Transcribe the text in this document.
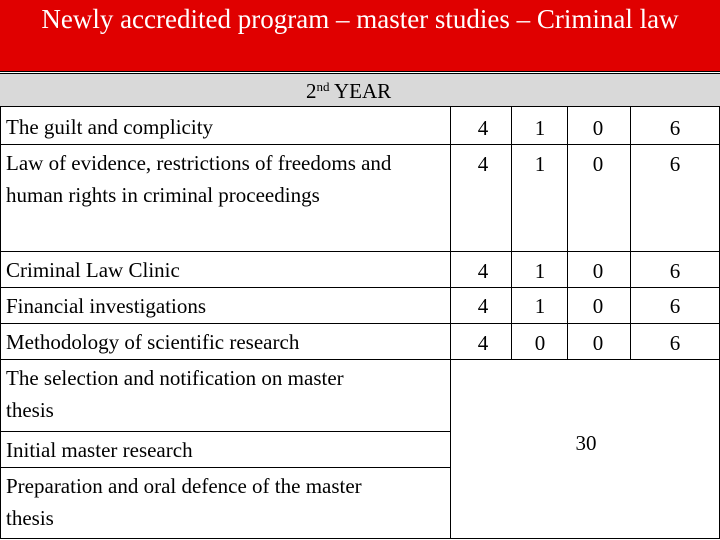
Newly accredited program – master studies – Criminal law
2nd YEAR
The guilt and complicity	4	1	0	6
Law of evidence, restrictions of freedoms and
human rights in criminal proceedings
4	1	0	6
Criminal Law Clinic	4	1	0	6
Financial investigations	4	1	0	6
Methodology of scientific research	4	0	0	6
The selection and notification on master
thesis
Initial master research
Preparation and oral defence of the master
thesis
30
